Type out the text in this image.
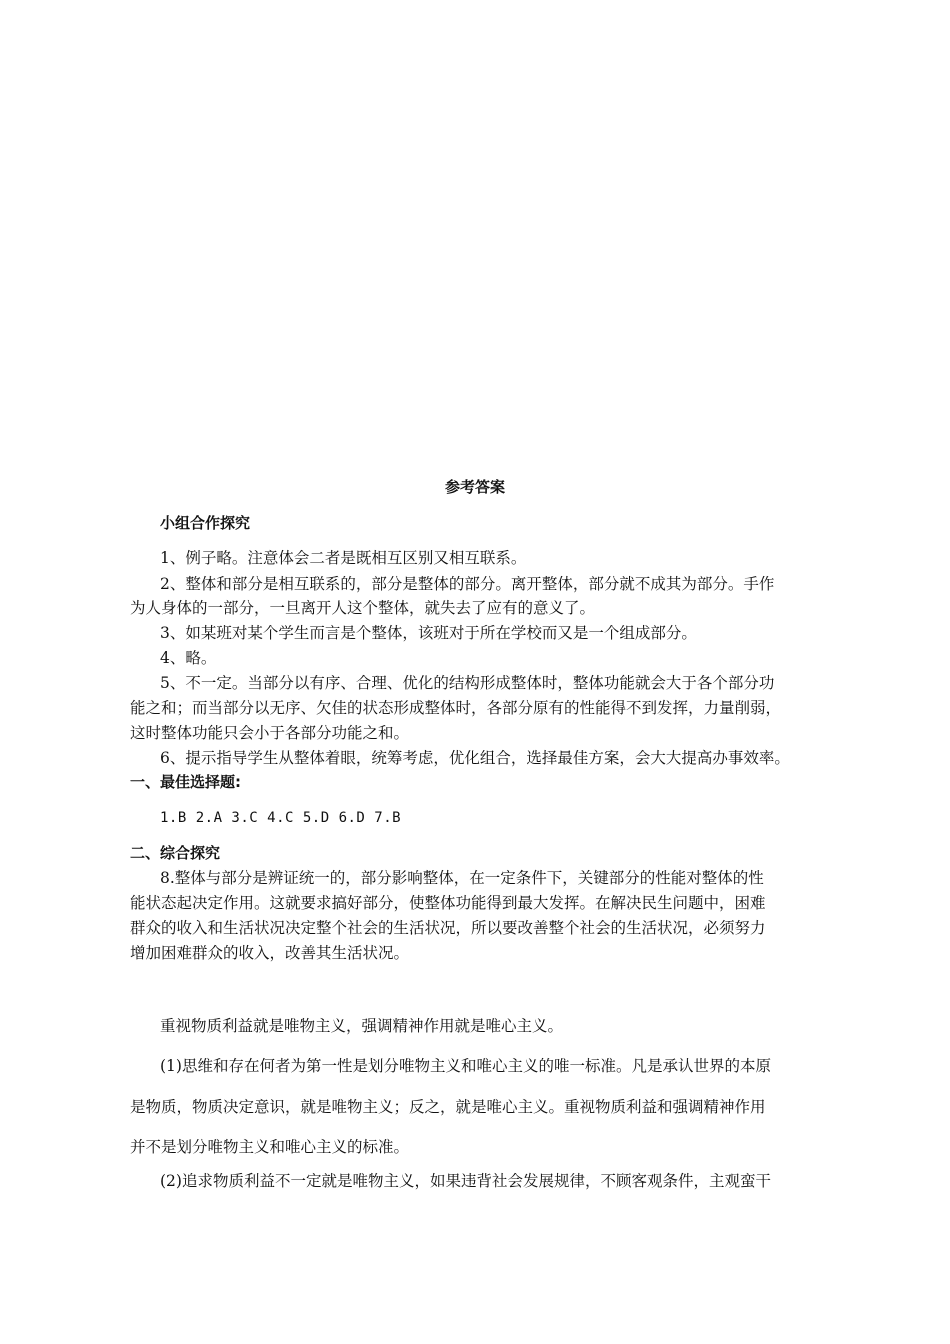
参考答案
小组合作探究
1、例子略。注意体会二者是既相互区别又相互联系。
2、整体和部分是相互联系的，部分是整体的部分。离开整体，部分就不成其为部分。手作
为人身体的一部分，一旦离开人这个整体，就失去了应有的意义了。
3、如某班对某个学生而言是个整体，该班对于所在学校而又是一个组成部分。
4、略。
5、不一定。当部分以有序、合理、优化的结构形成整体时，整体功能就会大于各个部分功
能之和；而当部分以无序、欠佳的状态形成整体时，各部分原有的性能得不到发挥，力量削弱，
这时整体功能只会小于各部分功能之和。
6、提示指导学生从整体着眼，统筹考虑，优化组合，选择最佳方案，会大大提高办事效率。
一、最佳选择题:
1.B 2.A 3.C 4.C 5.D 6.D 7.B
二、综合探究
8.整体与部分是辨证统一的，部分影响整体，在一定条件下，关键部分的性能对整体的性
能状态起决定作用。这就要求搞好部分，使整体功能得到最大发挥。在解决民生问题中，困难
群众的收入和生活状况决定整个社会的生活状况，所以要改善整个社会的生活状况，必须努力
增加困难群众的收入，改善其生活状况。
重视物质利益就是唯物主义，强调精神作用就是唯心主义。
(1)思维和存在何者为第一性是划分唯物主义和唯心主义的唯一标准。凡是承认世界的本原
是物质，物质决定意识，就是唯物主义；反之，就是唯心主义。重视物质利益和强调精神作用
并不是划分唯物主义和唯心主义的标准。
(2)追求物质利益不一定就是唯物主义，如果违背社会发展规律，不顾客观条件，主观蛮干
